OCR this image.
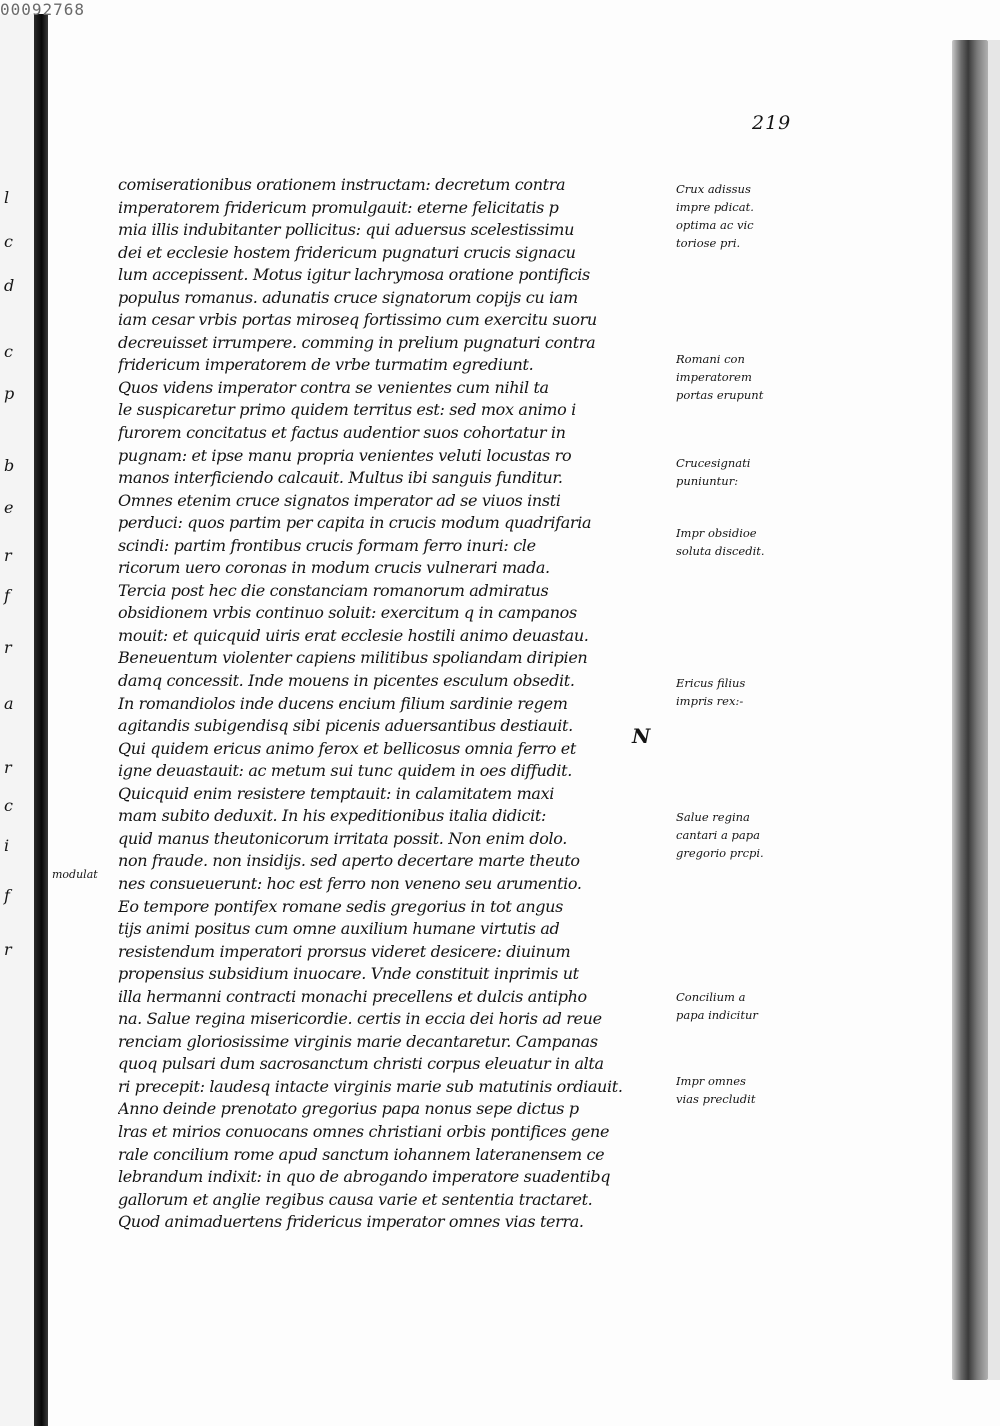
00092768
l
c
d
c
p
b
e
r
f
r
a
r
c
i
f
r
219
comiserationibus orationem instructam: decretum contra
imperatorem fridericum promulgauit: eterne felicitatis p
mia illis indubitanter pollicitus: qui aduersus scelestissimu
dei et ecclesie hostem fridericum pugnaturi crucis signacu
lum accepissent. Motus igitur lachrymosa oratione pontificis
populus romanus. adunatis cruce signatorum copijs cu iam
iam cesar vrbis portas miroseq fortissimo cum exercitu suoru
decreuisset irrumpere. comming in prelium pugnaturi contra
fridericum imperatorem de vrbe turmatim egrediunt.
Quos videns imperator contra se venientes cum nihil ta
le suspicaretur primo quidem territus est: sed mox animo i
furorem concitatus et factus audentior suos cohortatur in
pugnam: et ipse manu propria venientes veluti locustas ro
manos interficiendo calcauit. Multus ibi sanguis funditur.
Omnes etenim cruce signatos imperator ad se viuos insti
perduci: quos partim per capita in crucis modum quadrifaria
scindi: partim frontibus crucis formam ferro inuri: cle
ricorum uero coronas in modum crucis vulnerari mada.
Tercia post hec die constanciam romanorum admiratus
obsidionem vrbis continuo soluit: exercitum q in campanos
mouit: et quicquid uiris erat ecclesie hostili animo deuastau.
Beneuentum violenter capiens militibus spoliandam diripien
damq concessit. Inde mouens in picentes esculum obsedit.
In romandiolos inde ducens encium filium sardinie regem
agitandis subigendisq sibi picenis aduersantibus destiauit.
Qui quidem ericus animo ferox et bellicosus omnia ferro et
igne deuastauit: ac metum sui tunc quidem in oes diffudit.
Quicquid enim resistere temptauit: in calamitatem maxi
mam subito deduxit. In his expeditionibus italia didicit:
quid manus theutonicorum irritata possit. Non enim dolo.
non fraude. non insidijs. sed aperto decertare marte theuto
nes consueuerunt: hoc est ferro non veneno seu arumentio.
Eo tempore pontifex romane sedis gregorius in tot angus
tijs animi positus cum omne auxilium humane virtutis ad
resistendum imperatori prorsus videret desicere: diuinum
propensius subsidium inuocare. Vnde constituit inprimis ut
illa hermanni contracti monachi precellens et dulcis antipho
na. Salue regina misericordie. certis in eccia dei horis ad reue
renciam gloriosissime virginis marie decantaretur. Campanas
quoq pulsari dum sacrosanctum christi corpus eleuatur in alta
ri precepit: laudesq intacte virginis marie sub matutinis ordiauit.
Anno deinde prenotato gregorius papa nonus sepe dictus p
lras et mirios conuocans omnes christiani orbis pontifices gene
rale concilium rome apud sanctum iohannem lateranensem ce
lebrandum indixit: in quo de abrogando imperatore suadentibq
gallorum et anglie regibus causa varie et sententia tractaret.
Quod animaduertens fridericus imperator omnes vias terra.
Crux adissus
impre pdicat.
optima ac vic
toriose pri.
Romani con
imperatorem
portas erupunt
Crucesignati
puniuntur:
Impr obsidioe
soluta discedit.
Ericus filius
impris rex:-
Salue regina
cantari a papa
gregorio prcpi.
Concilium a
papa indicitur
Impr omnes
vias precludit
N
modulat
